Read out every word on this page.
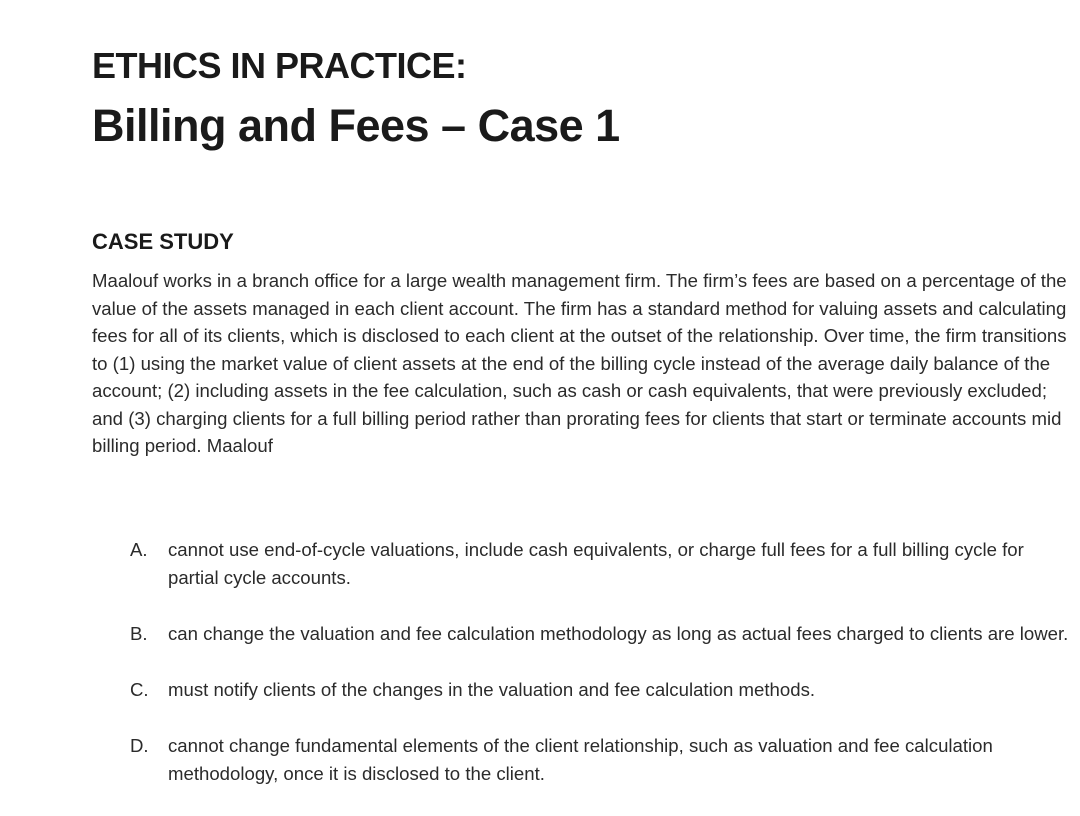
ETHICS IN PRACTICE:
Billing and Fees – Case 1
CASE STUDY

Maalouf works in a branch office for a large wealth management firm. The firm’s fees are based on a percentage of the value of the assets managed in each client account. The firm has a standard method for valuing assets and calculating fees for all of its clients, which is disclosed to each client at the outset of the relationship. Over time, the firm transitions to (1) using the market value of client assets at the end of the billing cycle instead of the average daily balance of the account; (2) including assets in the fee calculation, such as cash or cash equivalents, that were previously excluded; and (3) charging clients for a full billing period rather than prorating fees for clients that start or terminate accounts mid billing period. Maalouf

A.	cannot use end-of-cycle valuations, include cash equivalents, or charge full fees for a full billing cycle for partial cycle accounts.
B.	can change the valuation and fee calculation methodology as long as actual fees charged to clients are lower.
C.	must notify clients of the changes in the valuation and fee calculation methods.
D.	cannot change fundamental elements of the client relationship, such as valuation and fee calculation methodology, once it is disclosed to the client.
